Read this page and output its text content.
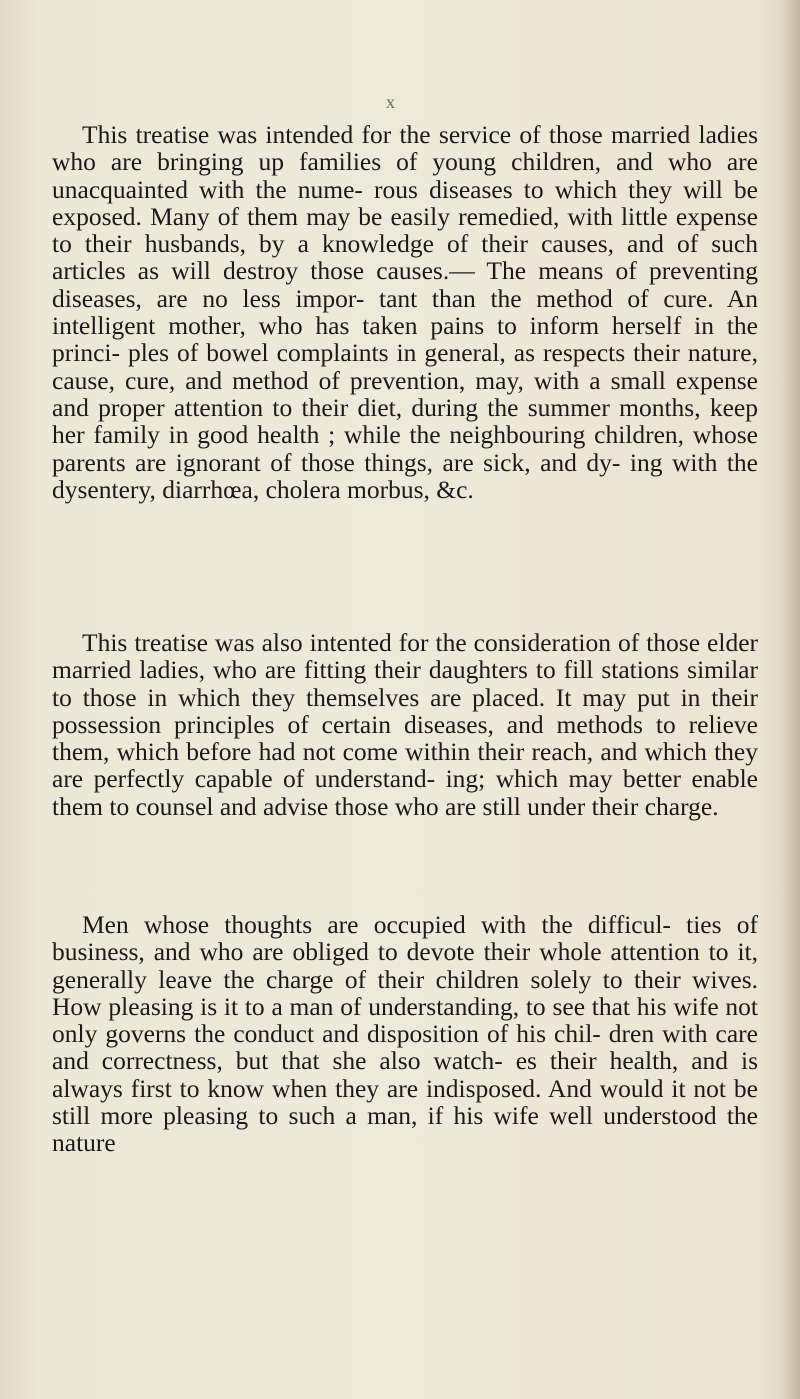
x

This treatise was intended for the service of those married ladies who are bringing up families of young children, and who are unacquainted with the nume- rous diseases to which they will be exposed. Many of them may be easily remedied, with little expense to their husbands, by a knowledge of their causes, and of such articles as will destroy those causes.— The means of preventing diseases, are no less impor- tant than the method of cure. An intelligent mother, who has taken pains to inform herself in the princi- ples of bowel complaints in general, as respects their nature, cause, cure, and method of prevention, may, with a small expense and proper attention to their diet, during the summer months, keep her family in good health ; while the neighbouring children, whose parents are ignorant of those things, are sick, and dy- ing with the dysentery, diarrhœa, cholera morbus, &c.

This treatise was also intented for the consideration of those elder married ladies, who are fitting their daughters to fill stations similar to those in which they themselves are placed. It may put in their possession principles of certain diseases, and methods to relieve them, which before had not come within their reach, and which they are perfectly capable of understand- ing; which may better enable them to counsel and advise those who are still under their charge.

Men whose thoughts are occupied with the difficul- ties of business, and who are obliged to devote their whole attention to it, generally leave the charge of their children solely to their wives. How pleasing is it to a man of understanding, to see that his wife not only governs the conduct and disposition of his chil- dren with care and correctness, but that she also watch- es their health, and is always first to know when they are indisposed. And would it not be still more pleasing to such a man, if his wife well understood the nature
